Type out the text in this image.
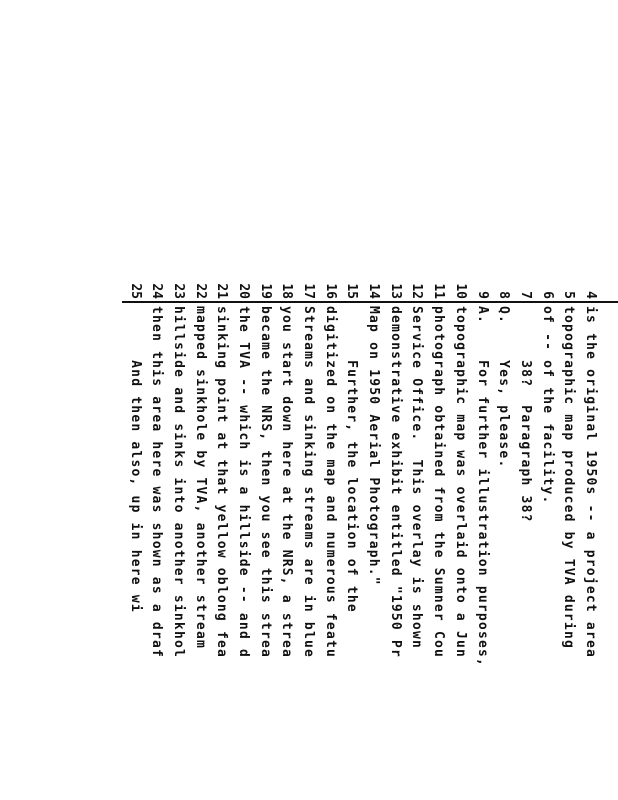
4
5
6
7
8
9
10
11
12
13
14
15
16
17
18
19
20
21
22
23
24
25
is the original 1950s -- a project area
topographic map produced by TVA during
of -- of the facility.
38?  Paragraph 38?
Q.    Yes, please.
A.    For further illustration purposes,
topographic map was overlaid onto a Jun
photograph obtained from the Sumner Cou
Service Office.  This overlay is shown
demonstrative exhibit entitled "1950 Pr
Map on 1950 Aerial Photograph."
Further, the location of the
digitized on the map and numerous featu
Streams and sinking streams are in blue
you start down here at the NRS, a strea
became the NRS, then you see this strea
the TVA -- which is a hillside -- and d
sinking point at that yellow oblong fea
mapped sinkhole by TVA, another stream
hillside and sinks into another sinkhol
then this area here was shown as a draf
And then also, up in here wi
